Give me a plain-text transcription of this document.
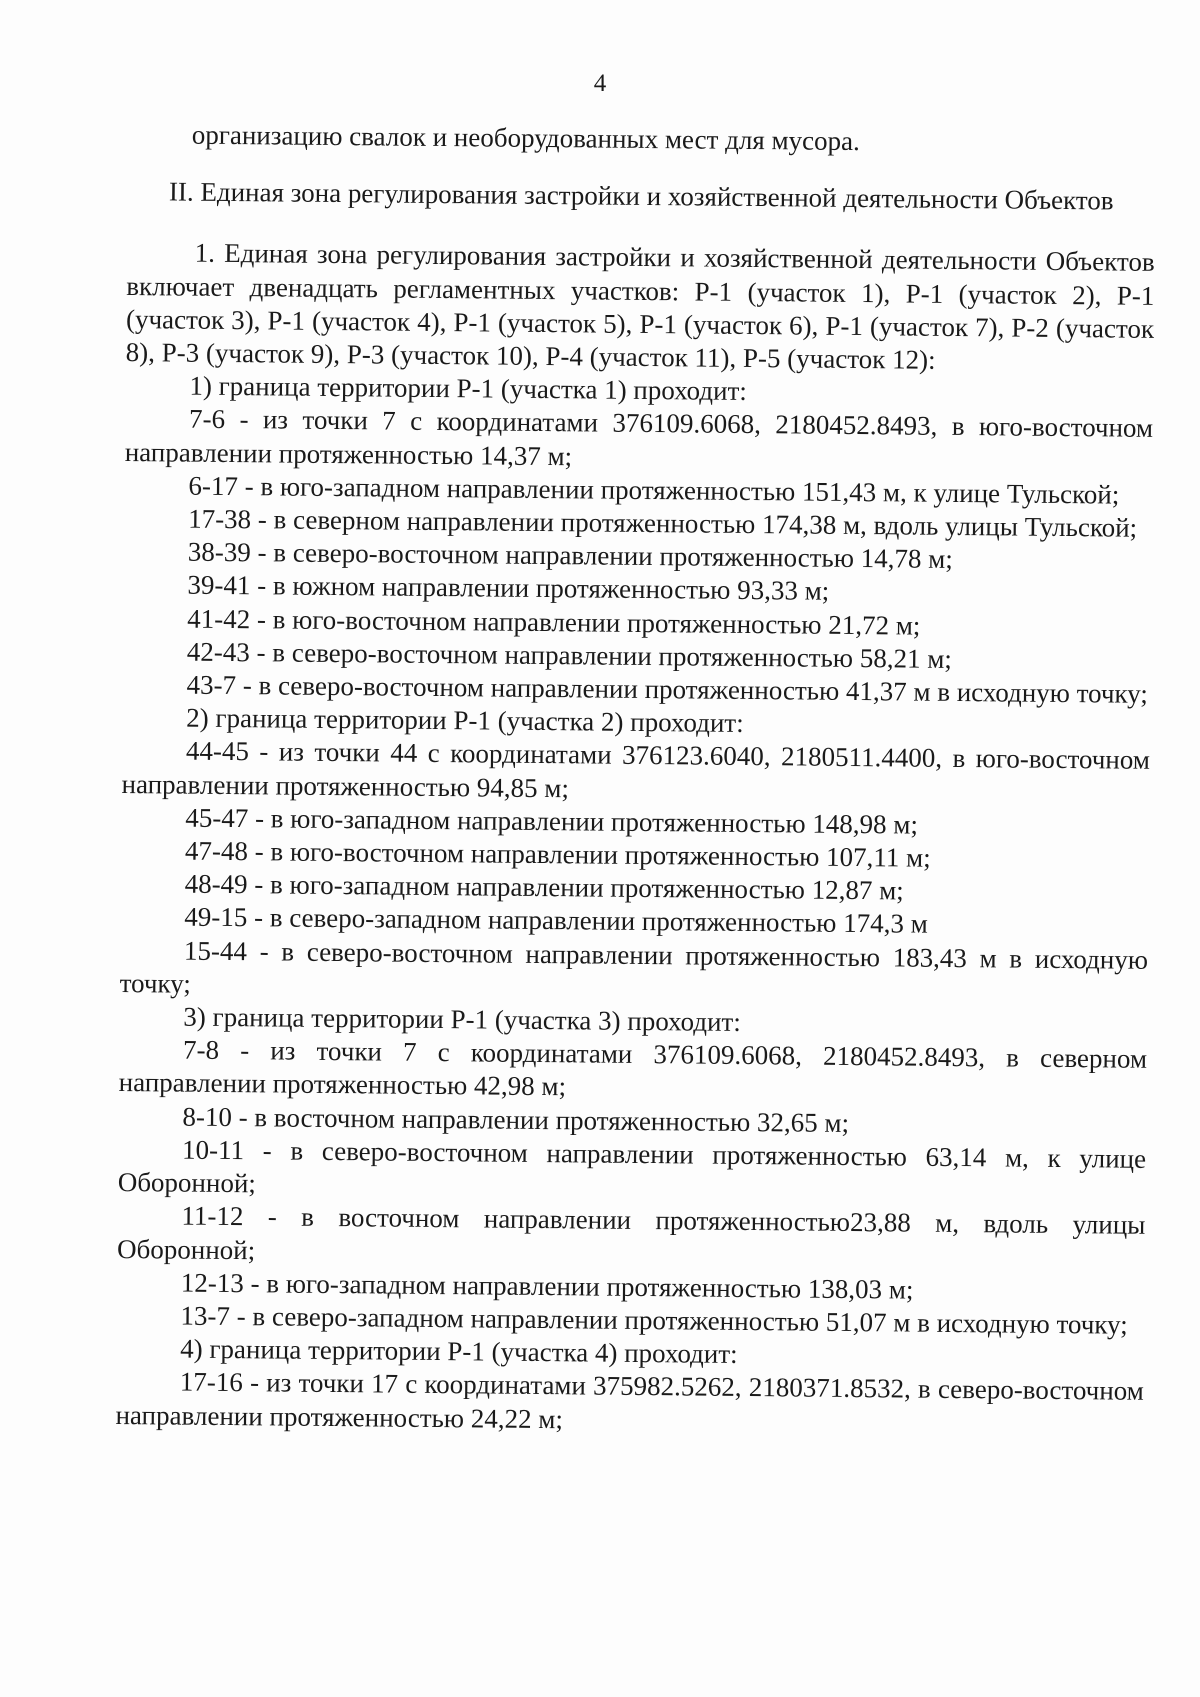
4

организацию свалок и необорудованных мест для мусора.

II. Единая зона регулирования застройки и хозяйственной деятельности Объектов

1. Единая зона регулирования застройки и хозяйственной деятельности Объектов включает двенадцать регламентных участков: Р-1 (участок 1), Р-1 (участок 2), Р-1 (участок 3), Р-1 (участок 4), Р-1 (участок 5), Р-1 (участок 6), Р-1 (участок 7), Р-2 (участок 8), Р-3 (участок 9), Р-3 (участок 10), Р-4 (участок 11), Р-5 (участок 12):

1) граница территории Р-1 (участка 1) проходит:

7-6 - из точки 7 с координатами 376109.6068, 2180452.8493, в юго-восточном направлении протяженностью 14,37 м;

6-17 - в юго-западном направлении протяженностью 151,43 м, к улице Тульской;

17-38 - в северном направлении протяженностью 174,38 м, вдоль улицы Тульской;

38-39 - в северо-восточном направлении протяженностью 14,78 м;

39-41 - в южном направлении протяженностью 93,33 м;

41-42 - в юго-восточном направлении протяженностью 21,72 м;

42-43 - в северо-восточном направлении протяженностью 58,21 м;

43-7 - в северо-восточном направлении протяженностью 41,37 м в исходную точку;

2) граница территории Р-1 (участка 2) проходит:

44-45 - из точки 44 с координатами 376123.6040, 2180511.4400, в юго-восточном направлении протяженностью 94,85 м;

45-47 - в юго-западном направлении протяженностью 148,98 м;

47-48 - в юго-восточном направлении протяженностью 107,11 м;

48-49 - в юго-западном направлении протяженностью 12,87 м;

49-15 - в северо-западном направлении протяженностью 174,3 м

15-44 - в северо-восточном направлении протяженностью 183,43 м в исходную точку;

3) граница территории Р-1 (участка 3) проходит:

7-8 - из точки 7 с координатами 376109.6068, 2180452.8493, в северном направлении протяженностью 42,98 м;

8-10 - в восточном направлении протяженностью 32,65 м;

10-11 - в северо-восточном направлении протяженностью 63,14 м, к улице Оборонной;

11-12 - в восточном направлении протяженностью23,88 м, вдоль улицы Оборонной;

12-13 - в юго-западном направлении протяженностью 138,03 м;

13-7 - в северо-западном направлении протяженностью 51,07 м в исходную точку;

4) граница территории Р-1 (участка 4) проходит:

17-16 - из точки 17 с координатами 375982.5262, 2180371.8532, в северо-восточном направлении протяженностью 24,22 м;
